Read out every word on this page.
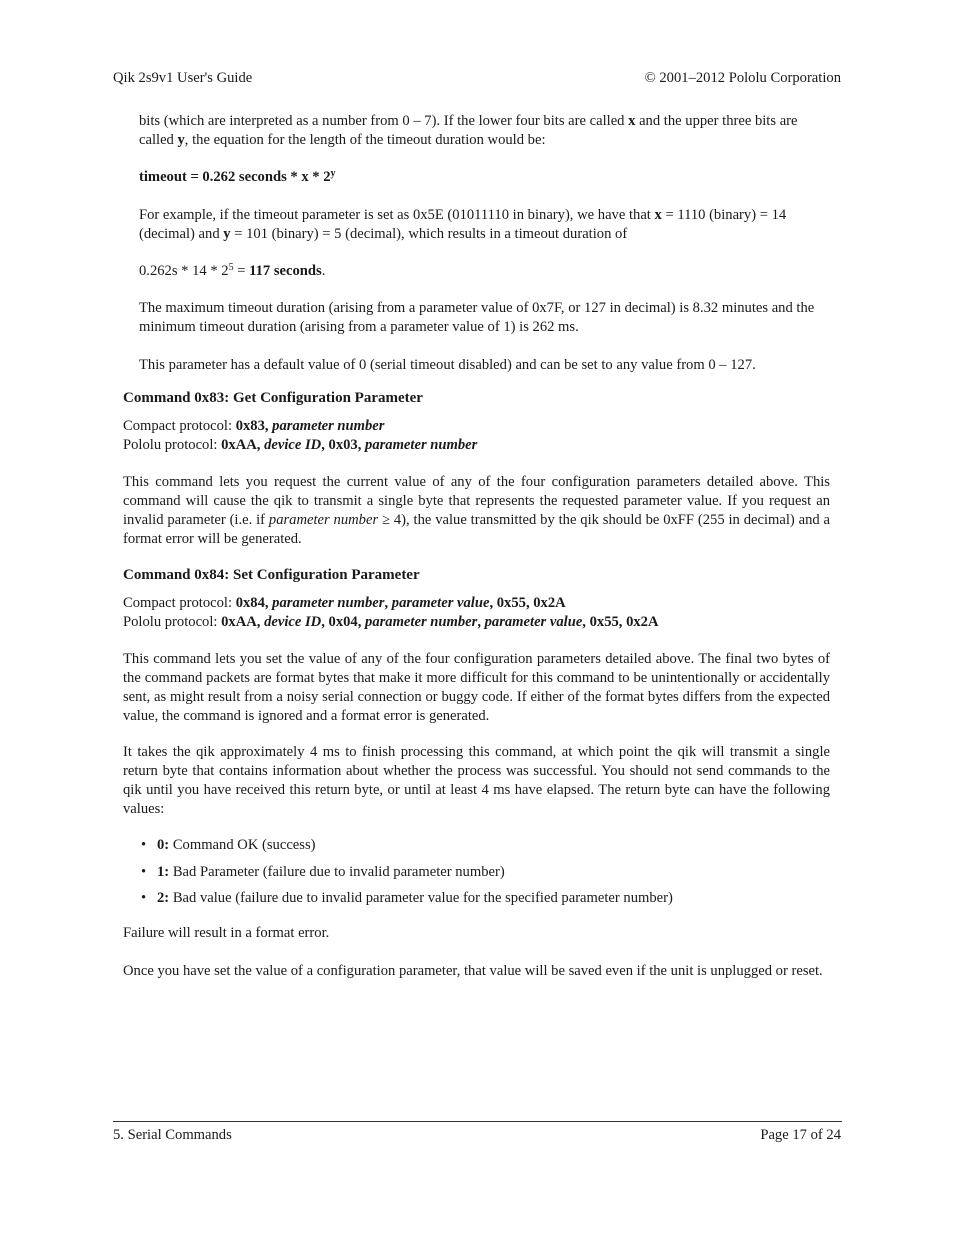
Qik 2s9v1 User's Guide	© 2001–2012 Pololu Corporation

bits (which are interpreted as a number from 0 – 7). If the lower four bits are called x and the upper three bits are called y, the equation for the length of the timeout duration would be:

timeout = 0.262 seconds * x * 2$^y$

For example, if the timeout parameter is set as 0x5E (01011110 in binary), we have that x = 1110 (binary) = 14 (decimal) and y = 101 (binary) = 5 (decimal), which results in a timeout duration of

$0.262s * 14 * 2^5 = 117$ seconds.

The maximum timeout duration (arising from a parameter value of 0x7F, or 127 in decimal) is 8.32 minutes and the minimum timeout duration (arising from a parameter value of 1) is 262 ms.

This parameter has a default value of 0 (serial timeout disabled) and can be set to any value from 0 – 127.

Command 0x83: Get Configuration Parameter

Compact protocol: 0x83, parameter number
Pololu protocol: 0xAA, device ID, 0x03, parameter number

This command lets you request the current value of any of the four configuration parameters detailed above. This command will cause the qik to transmit a single byte that represents the requested parameter value. If you request an invalid parameter (i.e. if parameter number ≥ 4), the value transmitted by the qik should be 0xFF (255 in decimal) and a format error will be generated.

Command 0x84: Set Configuration Parameter

Compact protocol: 0x84, parameter number, parameter value, 0x55, 0x2A
Pololu protocol: 0xAA, device ID, 0x04, parameter number, parameter value, 0x55, 0x2A

This command lets you set the value of any of the four configuration parameters detailed above. The final two bytes of the command packets are format bytes that make it more difficult for this command to be unintentionally or accidentally sent, as might result from a noisy serial connection or buggy code. If either of the format bytes differs from the expected value, the command is ignored and a format error is generated.

It takes the qik approximately 4 ms to finish processing this command, at which point the qik will transmit a single return byte that contains information about whether the process was successful. You should not send commands to the qik until you have received this return byte, or until at least 4 ms have elapsed. The return byte can have the following values:

• 0: Command OK (success)
• 1: Bad Parameter (failure due to invalid parameter number)
• 2: Bad value (failure due to invalid parameter value for the specified parameter number)

Failure will result in a format error.

Once you have set the value of a configuration parameter, that value will be saved even if the unit is unplugged or reset.

5. Serial Commands	Page 17 of 24
